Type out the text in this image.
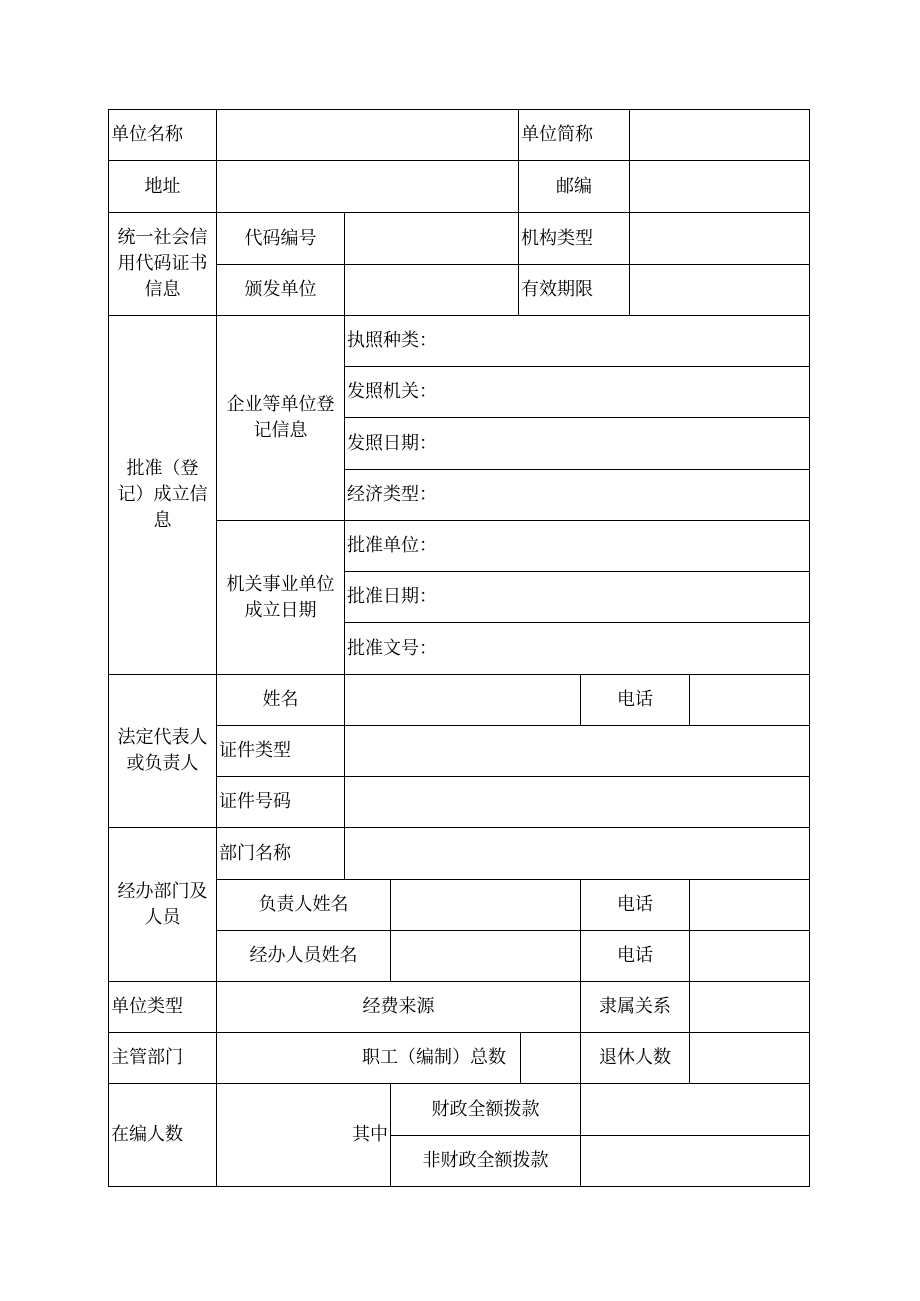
单位名称	单位简称
地址	邮编
统一社会信用代码证书信息
代码编号	机构类型
颁发单位	有效期限
批准（登记）成立信息
企业等单位登记信息
执照种类：
发照机关：
发照日期：
经济类型：
机关事业单位成立日期
批准单位：
批准日期：
批准文号：
法定代表人或负责人
姓名	电话
证件类型
证件号码
经办部门及人员
部门名称
负责人姓名	电话
经办人员姓名	电话
单位类型	经费来源	隶属关系
主管部门	职工（编制）总数	退休人数
在编人数	其中
财政全额拨款
非财政全额拨款
